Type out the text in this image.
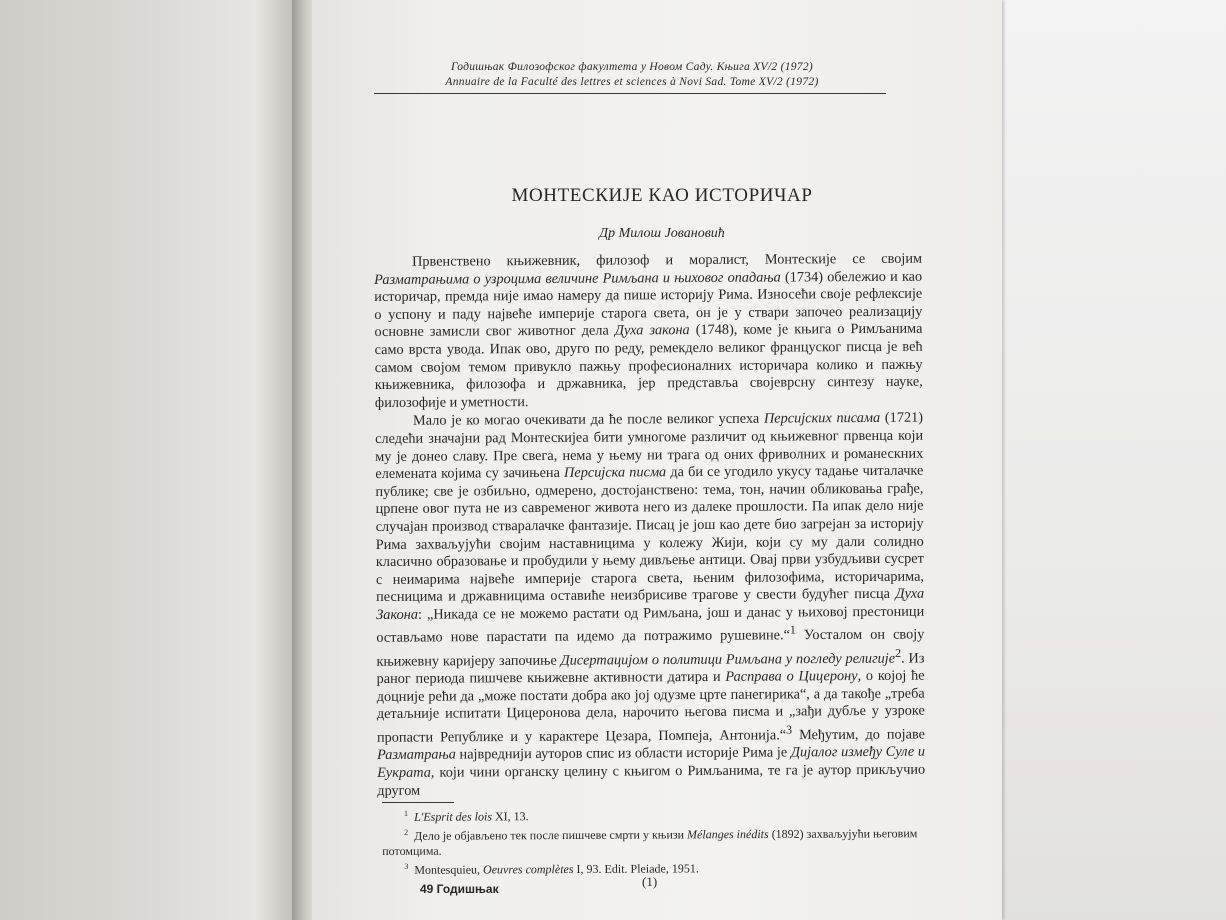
Годишњак Филозофског факултета у Новом Саду. Књига XV/2 (1972)
Annuaire de la Faculté des lettres et sciences à Novi Sad. Tome XV/2 (1972)
МОНТЕСКИЈЕ КАО ИСТОРИЧАР
Др Милош Јовановић

Првенствено књижевник, филозоф и моралист, Монтескије се својим Разматрањима о узроцима величине Римљана и њиховог опадања (1734) обележио и као историчар, премда није имао намеру да пише историју Рима. Износећи своје рефлексије о успону и паду највеће империје старога света, он је у ствари започео реализацију основне замисли свог животног дела Духа закона (1748), коме је књига о Римљанима само врста увода. Ипак ово, друго по реду, ремекдело великог француског писца је већ самом својом темом привукло пажњу професионалних историчара колико и пажњу књижевника, филозофа и државника, јер представља својеврсну синтезу науке, филозофије и уметности.

Мало је ко могао очекивати да ће после великог успеха Персијских писама (1721) следећи значајни рад Монтескијеа бити умногоме различит од књижевног првенца који му је донео славу. Пре свега, нема у њему ни трага од оних фриволних и романескних елемената којима су зачињена Персијска писма да би се угодило укусу тадање читалачке публике; све је озбиљно, одмерено, достојанствено: тема, тон, начин обликовања грађе, црпене овог пута не из савременог живота него из далеке прошлости. Па ипак дело није случајан производ стваралачке фантазије. Писац је још као дете био загрејан за историју Рима захваљујући својим наставницима у колежу Жији, који су му дали солидно класично образовање и пробудили у њему дивљење антици. Овај први узбудљиви сусрет с неимарима највеће империје старога света, њеним филозофима, историчарима, песницима и државницима оставиће неизбрисиве трагове у свести будућег писца Духа Закона: „Никада се не можемо растати од Римљана, још и данас у њиховој престоници остављамо нове парастати па идемо да потражимо рушевине.“$^1$ Уосталом он своју књижевну каријеру започиње Дисертацијом о политици Римљана у погледу религије$^2$. Из раног периода пишчеве књижевне активности датира и Расправа о Цицерону, о којој ће доцније рећи да „може постати добра ако јој одузме црте панегирика“, а да такође „треба детаљније испитати Цицеронова дела, нарочито његова писма и „зађи дубље у узроке пропасти Републике и у карактере Цезара, Помпеја, Антонија.“$^3$ Међутим, до појаве Разматрања највреднији ауторов спис из области историје Рима је Дијалог између Суле и Еукрата, који чини органску целину с књигом о Римљанима, те га је аутор прикључио другом

$^1$ L'Esprit des lois XI, 13.
$^2$ Дело је објављено тек после пишчеве смрти у књизи Mélanges inédits (1892) захваљујући његовим потомцима.
$^3$ Montesquieu, Oeuvres complètes I, 93. Edit. Pleiade, 1951.
49 Годишњак	(1)
